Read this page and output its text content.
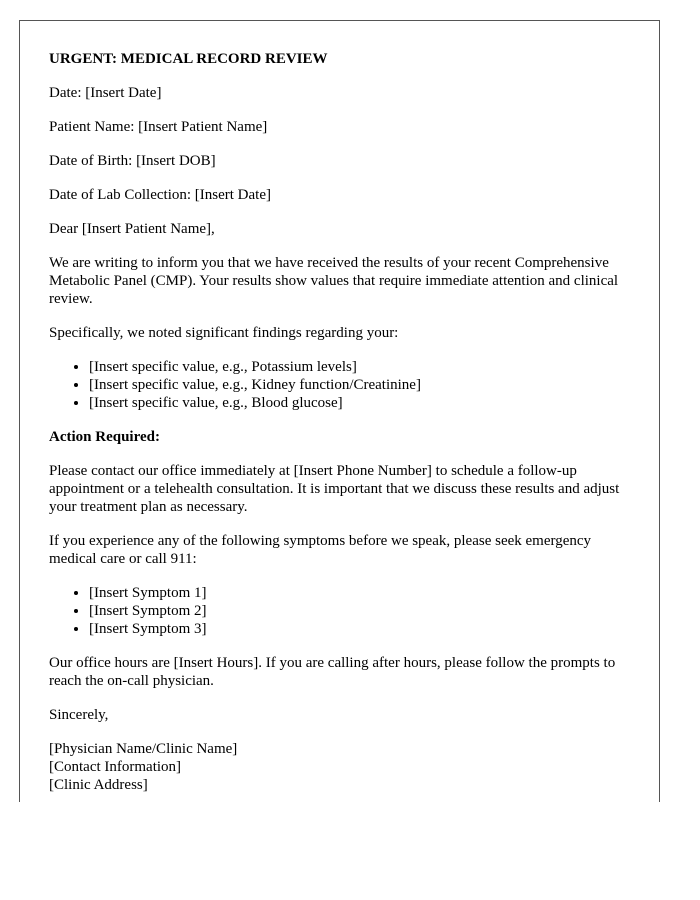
URGENT: MEDICAL RECORD REVIEW

Date: [Insert Date]

Patient Name: [Insert Patient Name]

Date of Birth: [Insert DOB]

Date of Lab Collection: [Insert Date]

Dear [Insert Patient Name],

We are writing to inform you that we have received the results of your recent Comprehensive Metabolic Panel (CMP). Your results show values that require immediate attention and clinical review.

Specifically, we noted significant findings regarding your:

• [Insert specific value, e.g., Potassium levels]
• [Insert specific value, e.g., Kidney function/Creatinine]
• [Insert specific value, e.g., Blood glucose]

Action Required:

Please contact our office immediately at [Insert Phone Number] to schedule a follow-up appointment or a telehealth consultation. It is important that we discuss these results and adjust your treatment plan as necessary.

If you experience any of the following symptoms before we speak, please seek emergency medical care or call 911:

• [Insert Symptom 1]
• [Insert Symptom 2]
• [Insert Symptom 3]

Our office hours are [Insert Hours]. If you are calling after hours, please follow the prompts to reach the on-call physician.

Sincerely,

[Physician Name/Clinic Name]

[Contact Information]

[Clinic Address]
